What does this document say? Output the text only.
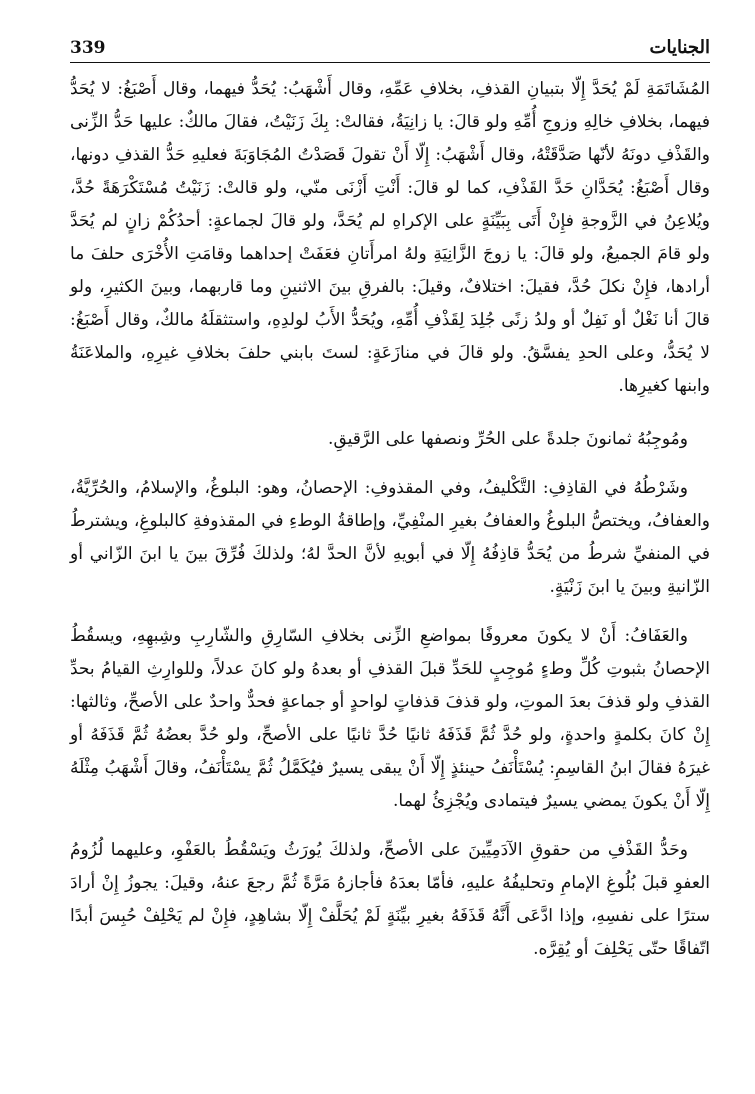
الجنايات
339

المُشَاتَمَةِ لَمْ يُحَدَّ إِلّا بتبيانِ القذفِ، بخلافِ عَمِّهِ، وقال أَشْهَبُ: يُحَدُّ فيهما، وقال أَصْبَغُ: لا يُحَدُّ فيهما، بخلافِ خالِهِ وزوجِ أُمِّهِ ولو قالَ: يا زانِيَةُ، فقالتْ: بِكَ زَنَيْتُ، فقالَ مالكٌ: عليها حَدُّ الزِّنى والقَذْفِ دونَهُ لأنّها صَدَّقَتْهُ، وقال أَشْهَبُ: إِلّا أَنْ تقولَ قَصَدْتُ المُجَاوَبَةَ فعليهِ حَدُّ القذفِ دونها، وقال أَصْبَغُ: يُحَدَّانِ حَدَّ القَذْفِ، كما لو قالَ: أَنْتِ أَزْنَى منّي، ولو قالتْ: زَنَيْتُ مُسْتَكْرَهَةً حُدَّ، ويُلاعِنُ في الزَّوجةِ فإِنْ أَتَى بِبَيِّنَةٍ على الإكراهِ لم يُحَدَّ، ولو قالَ لجماعةٍ: أحدُكُمْ زانٍ لم يُحَدَّ ولو قامَ الجميعُ، ولو قالَ: يا زوجَ الزَّانِيَةِ ولهُ امرأَتانِ فعَفَتْ إحداهما وقامَتِ الأُخْرَى حلفَ ما أرادها، فإِنْ نكلَ حُدَّ، فقيلَ: اختلافٌ، وقيلَ: بالفرقِ بينَ الاثنينِ وما قاربهما، وبينَ الكثيرِ، ولو قالَ أنا نَغْلٌ أو نَفِلٌ أو ولدُ زنًى جُلِدَ لِقَذْفِ أُمِّهِ، ويُحَدُّ الأَبُ لولدِهِ، واستثقلَهُ مالكٌ، وقال أَصْبَغُ: لا يُحَدُّ، وعلى الحدِ يفسَّقُ. ولو قالَ في منازَعَةٍ: لستَ بابني حلفَ بخلافِ غيرِهِ، والملاعَنَةُ وابنها كغيرِها.

ومُوجِبُهُ ثمانونَ جلدةً على الحُرِّ ونصفها على الرَّقيقِ.

وشَرْطُهُ في القاذِفِ: التَّكْليفُ، وفي المقذوفِ: الإحصانُ، وهو: البلوغُ، والإسلامُ، والحُرِّيَّةُ، والعفافُ، ويختصُّ البلوغُ والعفافُ بغيرِ المنْفِيِّ، وإطاقةُ الوطءِ في المقذوفةِ كالبلوغِ، ويشترطُ في المنفيِّ شرطُ من يُحَدُّ قاذِفُهُ إِلّا في أبويهِ لأنَّ الحدَّ لهُ؛ ولذلكَ فُرِّقَ بينَ يا ابنَ الزّاني أو الزّانيةِ وبينَ يا ابنَ زَنْيَةٍ.

والعَفَافُ: أَنْ لا يكونَ معروفًا بمواضعِ الزِّنى بخلافِ السّارِقِ والشّارِبِ وشِبهِهِ، ويسقُطُ الإحصانُ بثبوتِ كُلِّ وطءٍ مُوجِبٍ للحَدِّ قبلَ القذفِ أو بعدهُ ولو كانَ عدلاً، وللوارِثِ القيامُ بحدِّ القذفِ ولو قذفَ بعدَ الموتِ، ولو قذفَ قذفاتٍ لواحدٍ أو جماعةٍ فحدٌّ واحدٌ على الأصحِّ، وثالثها: إِنْ كانَ بكلمةٍ واحدةٍ، ولو حُدَّ ثُمَّ قَذَفَهُ ثانيًا حُدَّ ثانيًا على الأصحِّ، ولو حُدَّ بعضُهُ ثُمَّ قَذَفَهُ أو غيرَهُ فقالَ ابنُ القاسِمِ: يُسْتَأْنَفُ حينئذٍ إِلّا أَنْ يبقى يسيرٌ فيُكَمَّلُ ثُمَّ يسْتَأْنَفُ، وقالَ أَشْهَبُ مِثْلَهُ إِلّا أَنْ يكونَ يمضي يسيرٌ فيتمادى ويُجْزِئُ لهما.

وحَدُّ القَذْفِ من حقوقِ الآدَمِيِّينَ على الأصحِّ، ولذلكَ يُورَثُ ويَسْقُطُ بالعَفْوِ، وعليهما لُزُومُ العفوِ قبلَ بُلُوغِ الإمامِ وتحليفُهُ عليهِ، فأمّا بعدَهُ فأجازهُ مَرَّةً ثُمَّ رجعَ عنهُ، وقيلَ: يجوزُ إِنْ أرادَ سترًا على نفسِهِ، وإذا ادَّعَى أَنَّهُ قَذَفَهُ بغيرِ بيِّنَةٍ لَمْ يُحَلَّفْ إِلّا بشاهِدٍ، فإِنْ لم يَحْلِفْ حُبِسَ أبدًا اتّفاقًا حتّى يَحْلِفَ أو يُقِرَّه.
